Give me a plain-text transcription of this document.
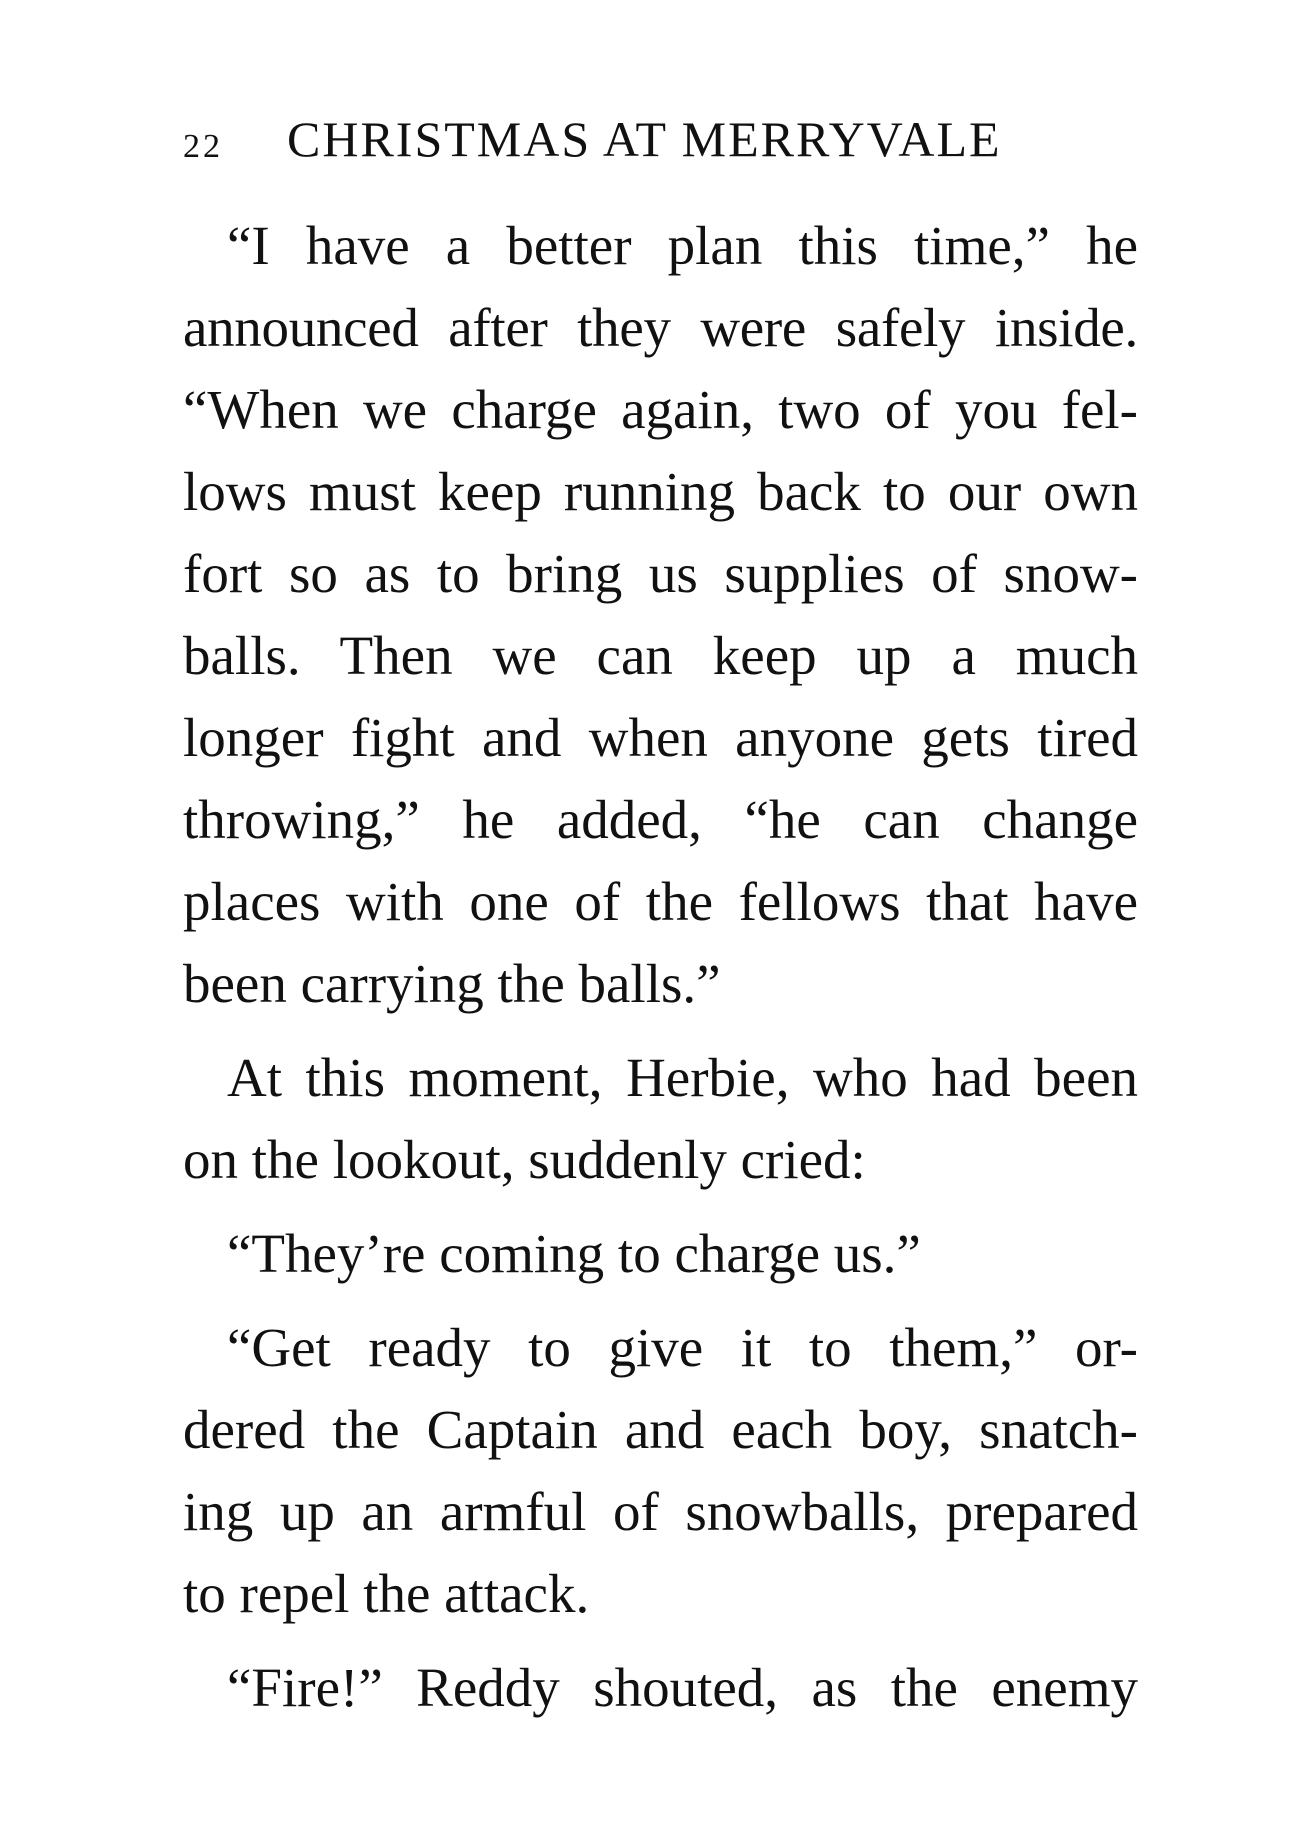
22 CHRISTMAS AT MERRYVALE
“I have a better plan this time,” he
announced after they were safely inside.
“When we charge again, two of you fel-
lows must keep running back to our own
fort so as to bring us supplies of snow-
balls. Then we can keep up a much
longer fight and when anyone gets tired
throwing,” he added, “he can change
places with one of the fellows that have
been carrying the balls.”
At this moment, Herbie, who had been
on the lookout, suddenly cried:
“They’re coming to charge us.”
“Get ready to give it to them,” or-
dered the Captain and each boy, snatch-
ing up an armful of snowballs, prepared
to repel the attack.
“Fire!” Reddy shouted, as the enemy
